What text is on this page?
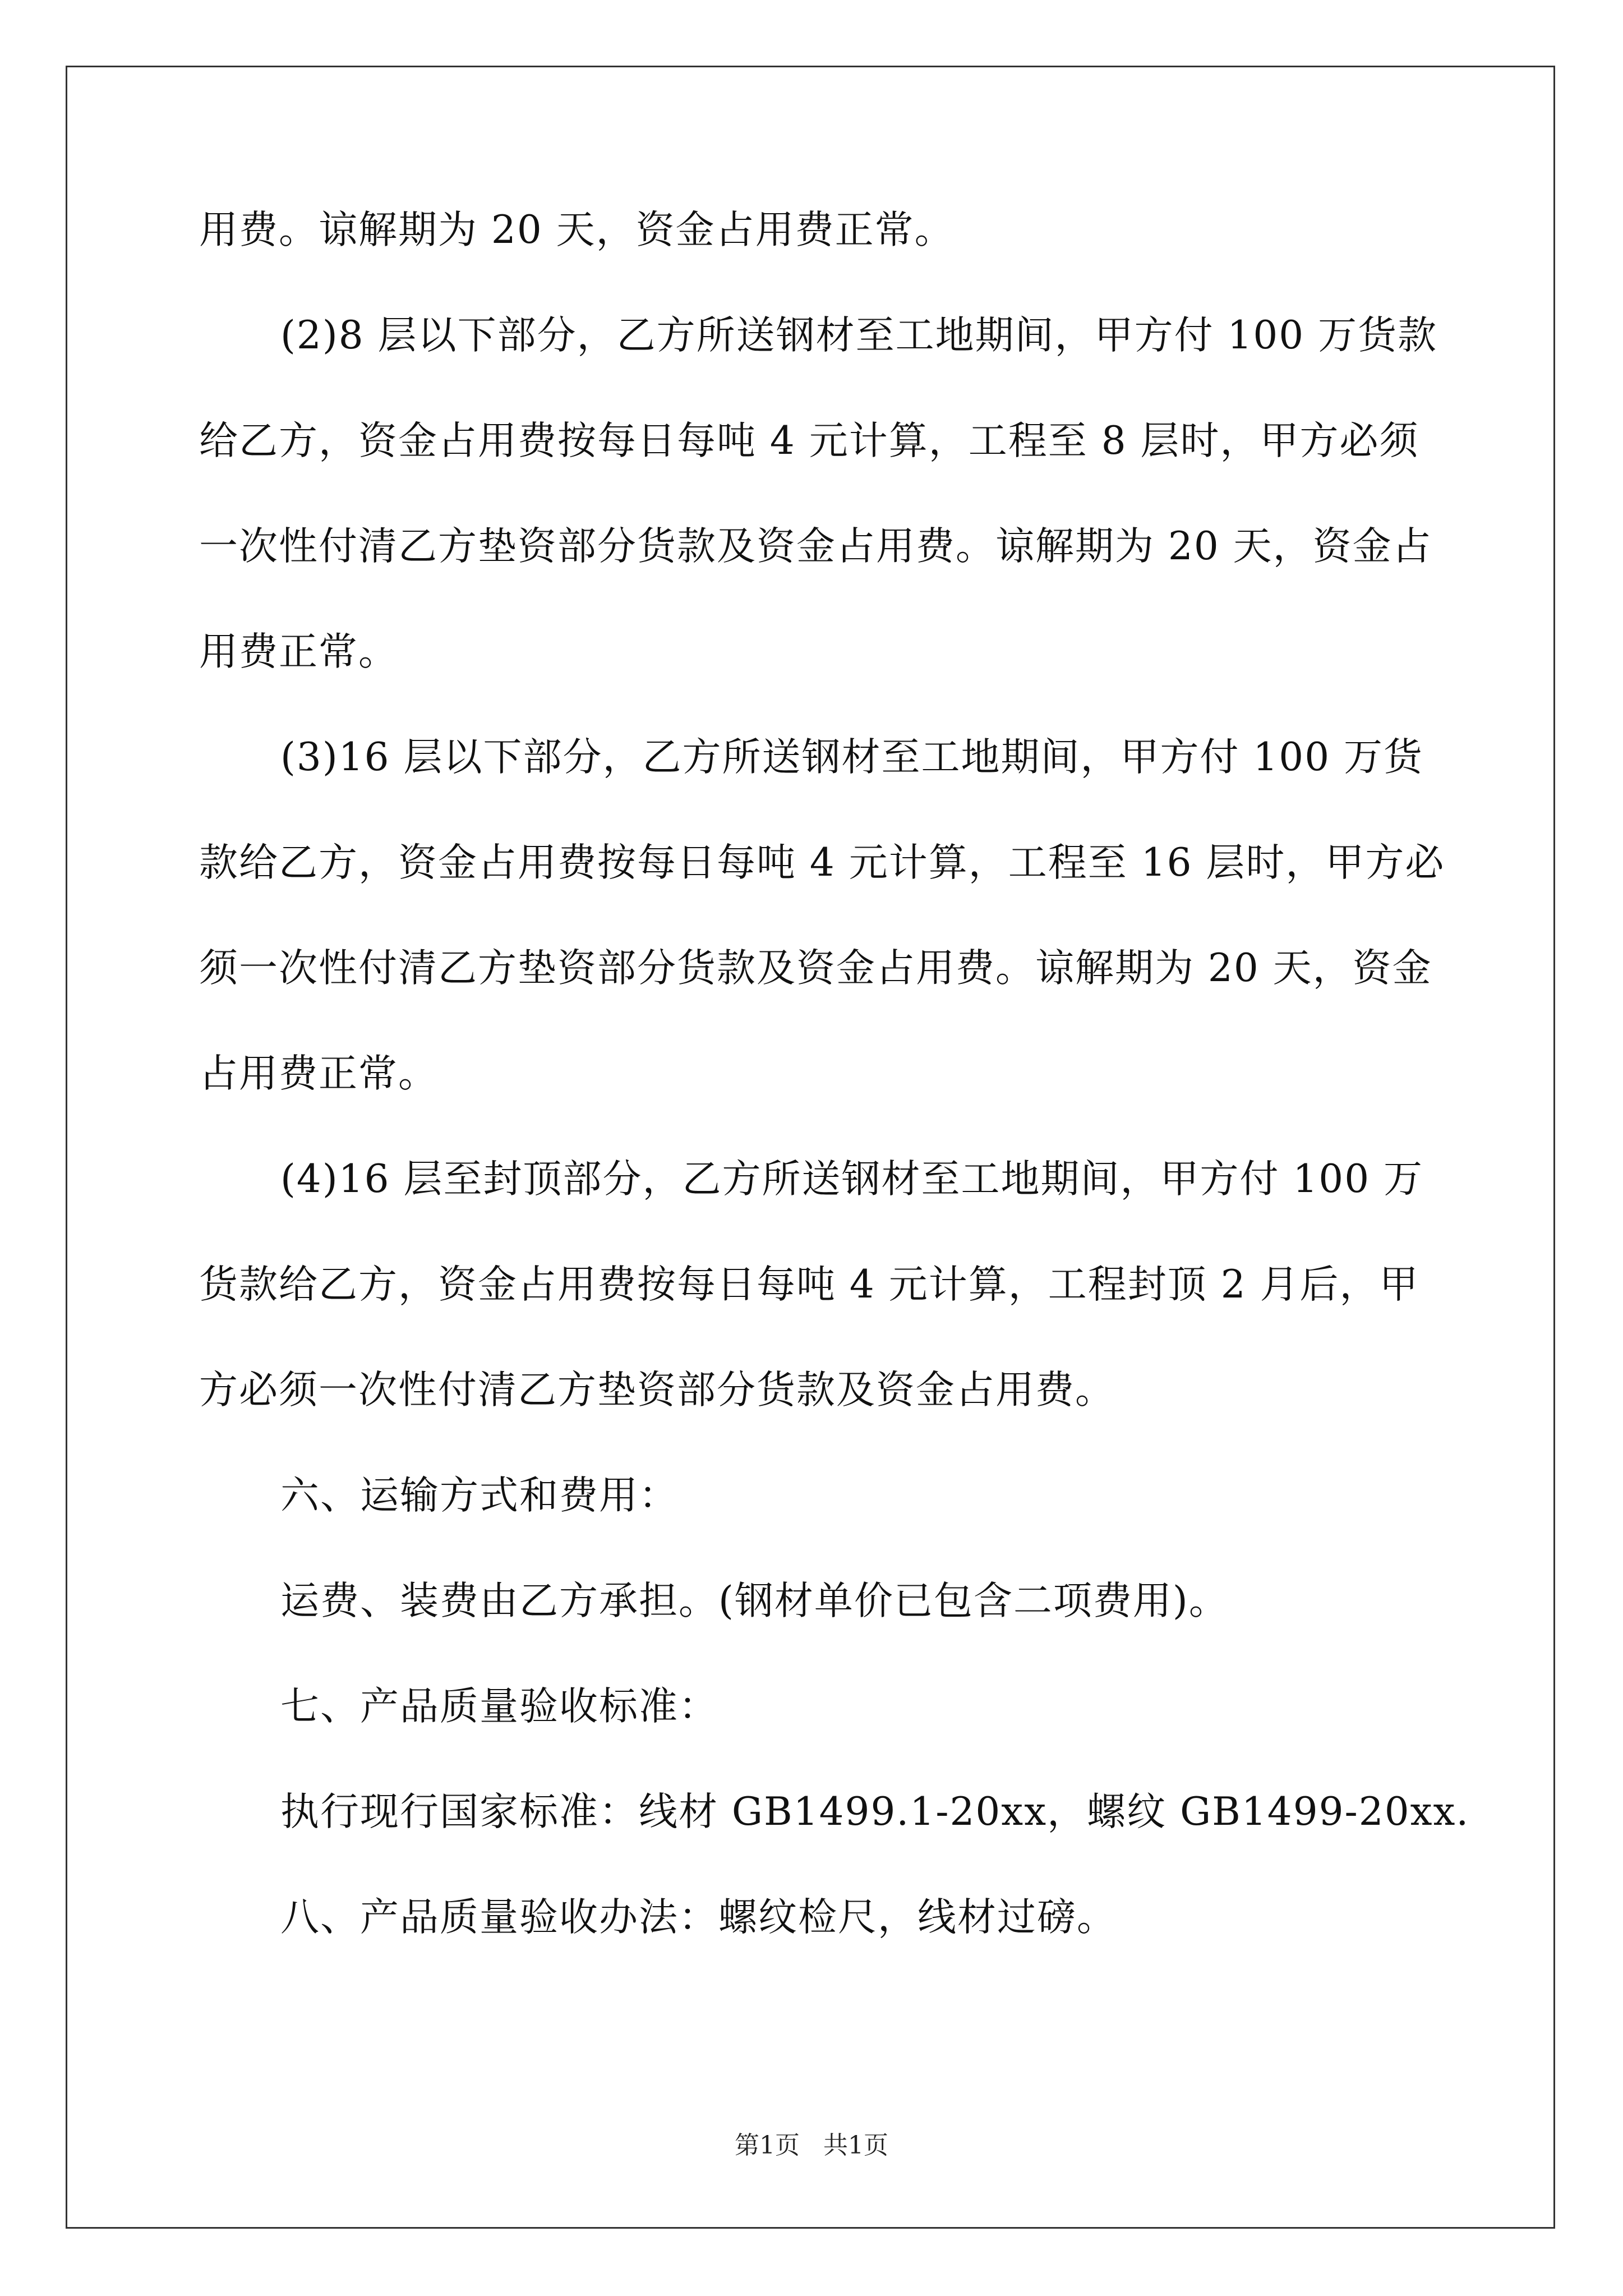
用费。谅解期为 20 天，资金占用费正常。
(2)8 层以下部分，乙方所送钢材至工地期间，甲方付 100 万货款
给乙方，资金占用费按每日每吨 4 元计算，工程至 8 层时，甲方必须
一次性付清乙方垫资部分货款及资金占用费。谅解期为 20 天，资金占
用费正常。
(3)16 层以下部分，乙方所送钢材至工地期间，甲方付 100 万货
款给乙方，资金占用费按每日每吨 4 元计算，工程至 16 层时，甲方必
须一次性付清乙方垫资部分货款及资金占用费。谅解期为 20 天，资金
占用费正常。
(4)16 层至封顶部分，乙方所送钢材至工地期间，甲方付 100 万
货款给乙方，资金占用费按每日每吨 4 元计算，工程封顶 2 月后，甲
方必须一次性付清乙方垫资部分货款及资金占用费。
六、运输方式和费用：
运费、装费由乙方承担。(钢材单价已包含二项费用)。
七、产品质量验收标准：
执行现行国家标准：线材 GB1499.1-20xx，螺纹 GB1499-20xx.
八、产品质量验收办法：螺纹检尺，线材过磅。
第1页   共1页
